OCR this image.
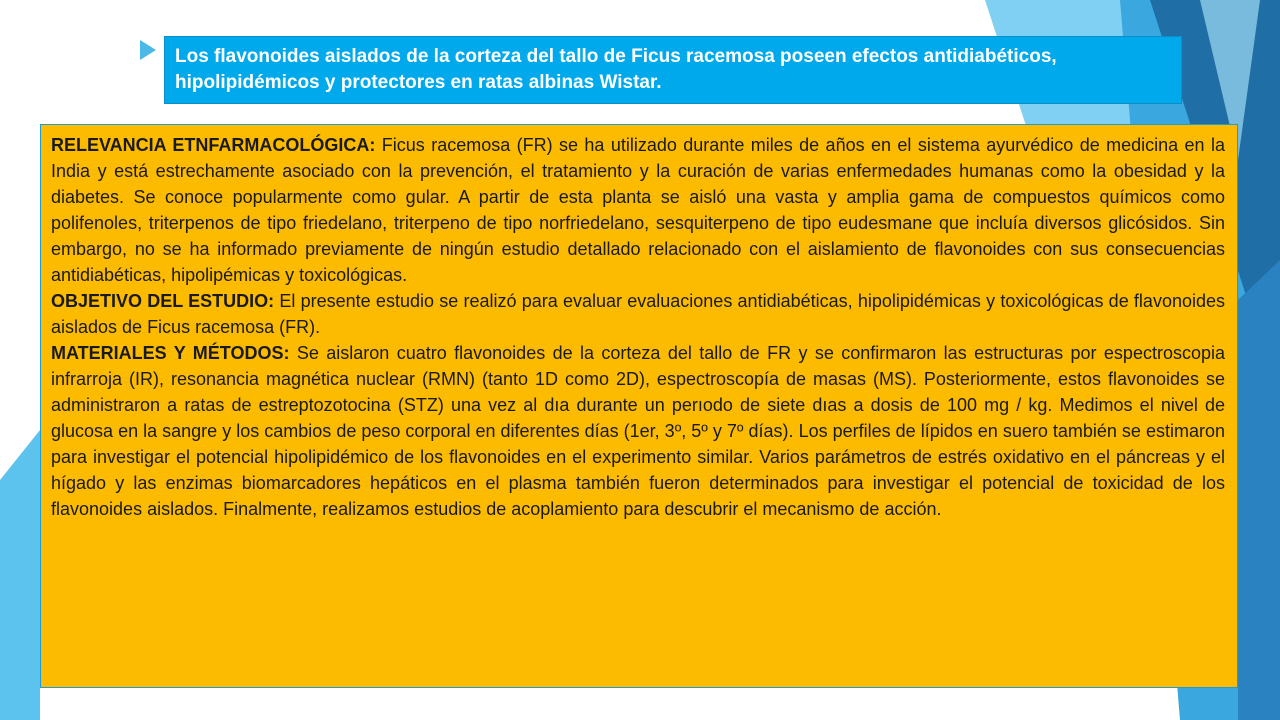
Los flavonoides aislados de la corteza del tallo de Ficus racemosa poseen efectos antidiabéticos, hipolipidémicos y protectores en ratas albinas Wistar.

RELEVANCIA ETNFARMACOLÓGICA: Ficus racemosa (FR) se ha utilizado durante miles de años en el sistema ayurvédico de medicina en la India y está estrechamente asociado con la prevención, el tratamiento y la curación de varias enfermedades humanas como la obesidad y la diabetes. Se conoce popularmente como gular. A partir de esta planta se aisló una vasta y amplia gama de compuestos químicos como polifenoles, triterpenos de tipo friedelano, triterpeno de tipo norfriedelano, sesquiterpeno de tipo eudesmane que incluía diversos glicósidos. Sin embargo, no se ha informado previamente de ningún estudio detallado relacionado con el aislamiento de flavonoides con sus consecuencias antidiabéticas, hipolipémicas y toxicológicas.

OBJETIVO DEL ESTUDIO: El presente estudio se realizó para evaluar evaluaciones antidiabéticas, hipolipidémicas y toxicológicas de flavonoides aislados de Ficus racemosa (FR).

MATERIALES Y MÉTODOS: Se aislaron cuatro flavonoides de la corteza del tallo de FR y se confirmaron las estructuras por espectroscopia infrarroja (IR), resonancia magnética nuclear (RMN) (tanto 1D como 2D), espectroscopía de masas (MS). Posteriormente, estos flavonoides se administraron a ratas de estreptozotocina (STZ) una vez al dıa durante un perıodo de siete dıas a dosis de 100 mg / kg. Medimos el nivel de glucosa en la sangre y los cambios de peso corporal en diferentes días (1er, 3º, 5º y 7º días). Los perfiles de lípidos en suero también se estimaron para investigar el potencial hipolipidémico de los flavonoides en el experimento similar. Varios parámetros de estrés oxidativo en el páncreas y el hígado y las enzimas biomarcadores hepáticos en el plasma también fueron determinados para investigar el potencial de toxicidad de los flavonoides aislados. Finalmente, realizamos estudios de acoplamiento para descubrir el mecanismo de acción.
